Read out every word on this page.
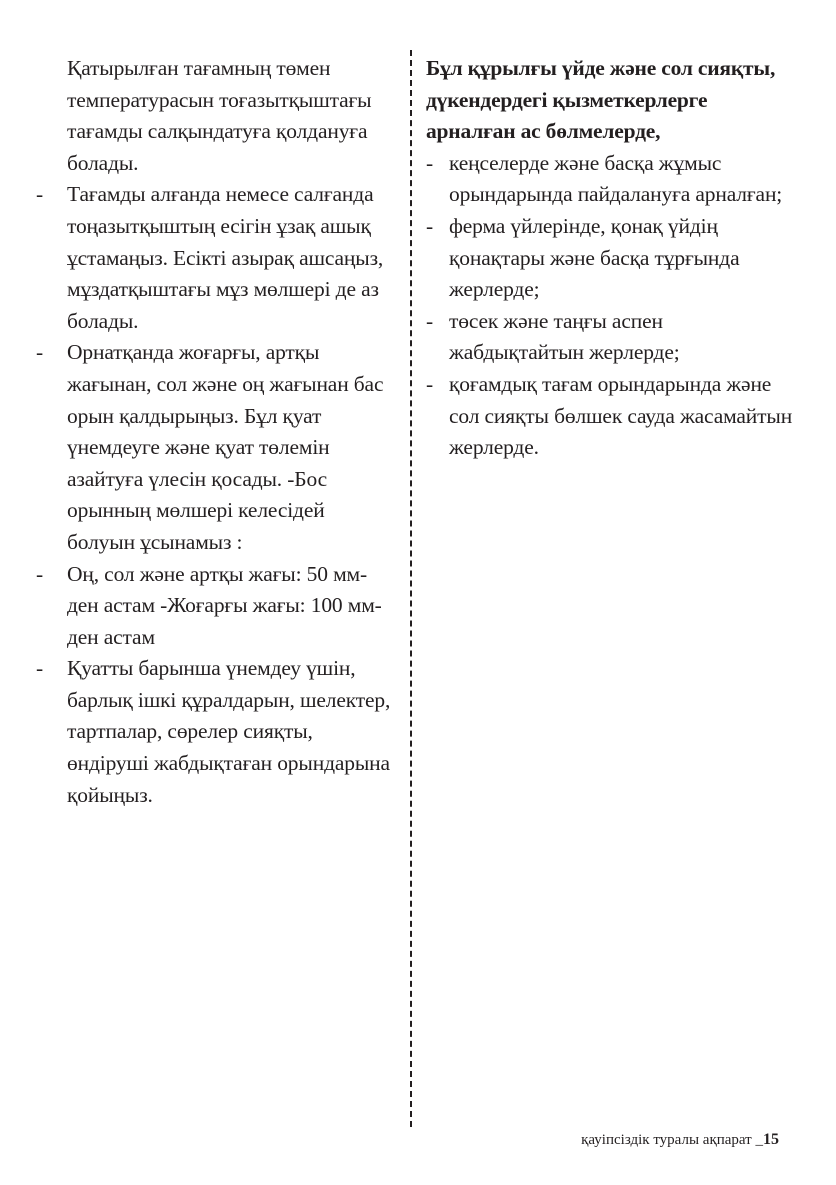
Қатырылған тағамның төмен температурасын тоғазытқыштағы тағамды салқындатуға қолдануға болады.

- Тағамды алғанда немесе салғанда тоңазытқыштың есігін ұзақ ашық ұстамаңыз. Есікті азырақ ашсаңыз, мұздатқыштағы мұз мөлшері де аз болады.
- Орнатқанда жоғарғы, артқы жағынан, сол және оң жағынан бас орын қалдырыңыз. Бұл қуат үнемдеуге және қуат төлемін азайтуға үлесін қосады. -Бос орынның мөлшері келесідей болуын ұсынамыз :
- Оң, сол және артқы жағы: 50 мм-ден астам -Жоғарғы жағы: 100 мм-ден астам
- Қуатты барынша үнемдеу үшін, барлық ішкі құралдарын, шелектер, тартпалар, сөрелер сияқты, өндіруші жабдықтаған орындарына қойыңыз.

Бұл құрылғы үйде және сол сияқты, дүкендердегі қызметкерлерге арналған ас бөлмелерде,

- кеңселерде және басқа жұмыс орындарында пайдалануға арналған;
- ферма үйлерінде, қонақ үйдің қонақтары және басқа тұрғында жерлерде;
- төсек және таңғы аспен жабдықтайтын жерлерде;
- қоғамдық тағам орындарында және сол сияқты бөлшек сауда жасамайтын жерлерде.
қауіпсіздік туралы ақпарат _15
